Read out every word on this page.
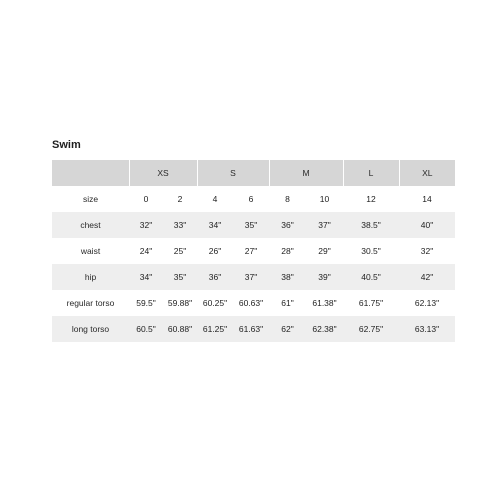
Swim
	XS		S		M		L	XL
size	0	2	4	6	8	10	12	14
chest	32"	33"	34"	35"	36"	37"	38.5"	40"
waist	24"	25"	26"	27"	28"	29"	30.5"	32"
hip	34"	35"	36"	37"	38"	39"	40.5"	42"
regular torso	59.5"	59.88"	60.25"	60.63"	61"	61.38"	61.75"	62.13"
long torso	60.5"	60.88"	61.25"	61.63"	62"	62.38"	62.75"	63.13"
